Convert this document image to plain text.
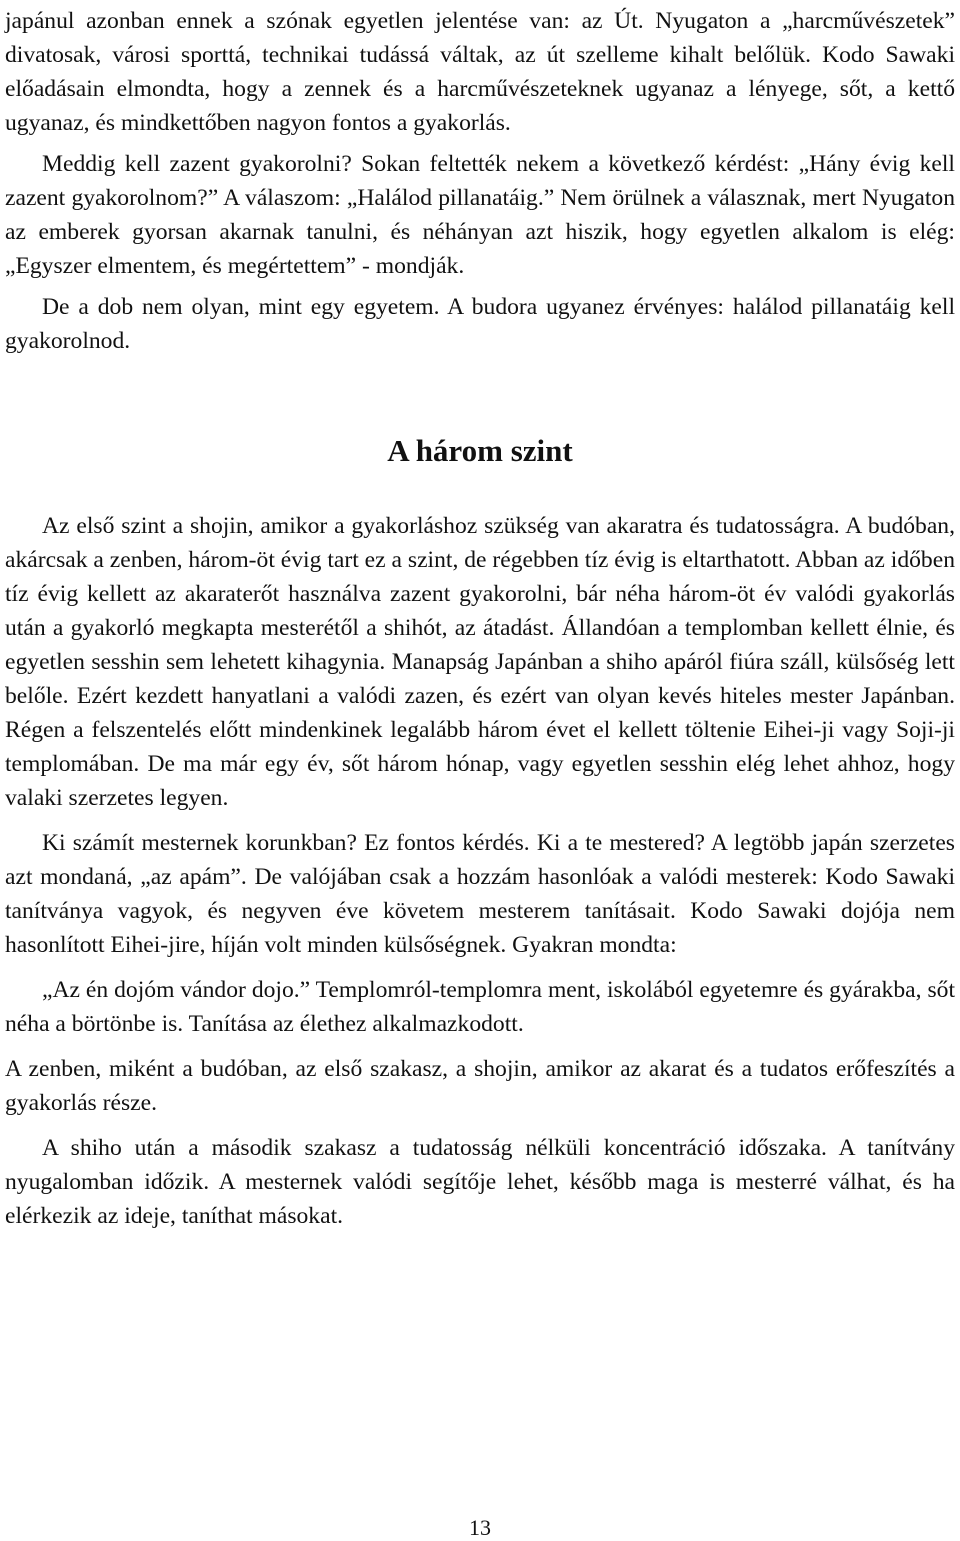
japánul azonban ennek a szónak egyetlen jelentése van: az Út. Nyugaton a „harcművészetek” divatosak, városi sporttá, technikai tudássá váltak, az út szelleme kihalt belőlük. Kodo Sawaki előadásain elmondta, hogy a zennek és a harcművészeteknek ugyanaz a lényege, sőt, a kettő ugyanaz, és mindkettőben nagyon fontos a gyakorlás.

Meddig kell zazent gyakorolni? Sokan feltették nekem a következő kérdést: „Hány évig kell zazent gyakorolnom?” A válaszom: „Halálod pillanatáig.” Nem örülnek a válasznak, mert Nyugaton az emberek gyorsan akarnak tanulni, és néhányan azt hiszik, hogy egyetlen alkalom is elég: „Egyszer elmentem, és megértettem” - mondják.

De a dob nem olyan, mint egy egyetem. A budora ugyanez érvényes: halálod pillanatáig kell gyakorolnod.

A három szint

Az első szint a shojin, amikor a gyakorláshoz szükség van akaratra és tudatosságra. A budóban, akárcsak a zenben, három-öt évig tart ez a szint, de régebben tíz évig is eltarthatott. Abban az időben tíz évig kellett az akaraterőt használva zazent gyakorolni, bár néha három-öt év valódi gyakorlás után a gyakorló megkapta mesterétől a shihót, az átadást. Állandóan a templomban kellett élnie, és egyetlen sesshin sem lehetett kihagynia. Manapság Japánban a shiho apáról fiúra száll, külsőség lett belőle. Ezért kezdett hanyatlani a valódi zazen, és ezért van olyan kevés hiteles mester Japánban. Régen a felszentelés előtt mindenkinek legalább három évet el kellett töltenie Eihei-ji vagy Soji-ji templomában. De ma már egy év, sőt három hónap, vagy egyetlen sesshin elég lehet ahhoz, hogy valaki szerzetes legyen.

Ki számít mesternek korunkban? Ez fontos kérdés. Ki a te mestered? A legtöbb japán szerzetes azt mondaná, „az apám”. De valójában csak a hozzám hasonlóak a valódi mesterek: Kodo Sawaki tanítványa vagyok, és negyven éve követem mesterem tanításait. Kodo Sawaki dojója nem hasonlított Eihei-jire, híján volt minden külsőségnek. Gyakran mondta:

„Az én dojóm vándor dojo.” Templomról-templomra ment, iskolából egyetemre és gyárakba, sőt néha a börtönbe is. Tanítása az élethez alkalmazkodott.

A zenben, miként a budóban, az első szakasz, a shojin, amikor az akarat és a tudatos erőfeszítés a gyakorlás része.

A shiho után a második szakasz a tudatosság nélküli koncentráció időszaka. A tanítvány nyugalomban időzik. A mesternek valódi segítője lehet, később maga is mesterré válhat, és ha elérkezik az ideje, taníthat másokat.

13
